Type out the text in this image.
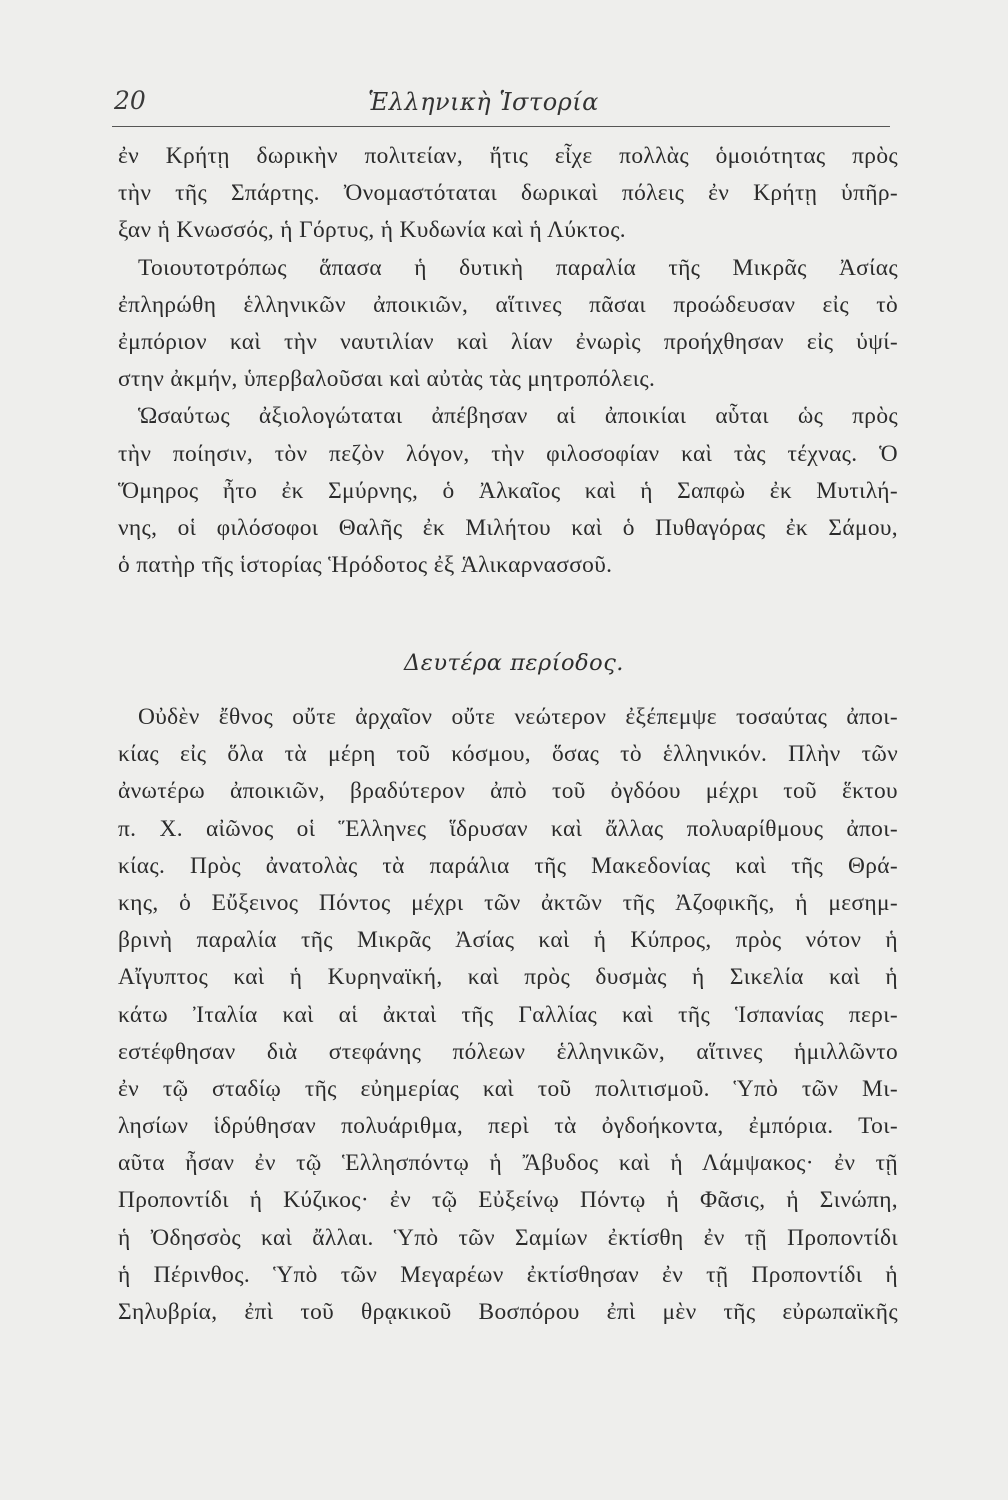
20	Ἑλληνικὴ Ἱστορία
ἐν Κρήτῃ δωρικὴν πολιτείαν, ἥτις εἶχε πολλὰς ὁμοιότητας πρὸς
τὴν τῆς Σπάρτης. Ὀνομαστόταται δωρικαὶ πόλεις ἐν Κρήτῃ ὑπῆρ-
ξαν ἡ Κνωσσός, ἡ Γόρτυς, ἡ Κυδωνία καὶ ἡ Λύκτος.
Τοιουτοτρόπως ἅπασα ἡ δυτικὴ παραλία τῆς Μικρᾶς Ἀσίας
ἐπληρώθη ἑλληνικῶν ἀποικιῶν, αἵτινες πᾶσαι προώδευσαν εἰς τὸ
ἐμπόριον καὶ τὴν ναυτιλίαν καὶ λίαν ἐνωρὶς προήχθησαν εἰς ὑψί-
στην ἀκμήν, ὑπερβαλοῦσαι καὶ αὐτὰς τὰς μητροπόλεις.
Ὡσαύτως ἀξιολογώταται ἀπέβησαν αἱ ἀποικίαι αὗται ὡς πρὸς
τὴν ποίησιν, τὸν πεζὸν λόγον, τὴν φιλοσοφίαν καὶ τὰς τέχνας. Ὁ
Ὅμηρος ἦτο ἐκ Σμύρνης, ὁ Ἀλκαῖος καὶ ἡ Σαπφὼ ἐκ Μυτιλή-
νης, οἱ φιλόσοφοι Θαλῆς ἐκ Μιλήτου καὶ ὁ Πυθαγόρας ἐκ Σάμου,
ὁ πατὴρ τῆς ἱστορίας Ἡρόδοτος ἐξ Ἁλικαρνασσοῦ.
Δευτέρα περίοδος.
Οὐδὲν ἔθνος οὔτε ἀρχαῖον οὔτε νεώτερον ἐξέπεμψε τοσαύτας ἀποι-
κίας εἰς ὅλα τὰ μέρη τοῦ κόσμου, ὅσας τὸ ἑλληνικόν. Πλὴν τῶν
ἀνωτέρω ἀποικιῶν, βραδύτερον ἀπὸ τοῦ ὀγδόου μέχρι τοῦ ἕκτου
π. Χ. αἰῶνος οἱ Ἕλληνες ἵδρυσαν καὶ ἄλλας πολυαρίθμους ἀποι-
κίας. Πρὸς ἀνατολὰς τὰ παράλια τῆς Μακεδονίας καὶ τῆς Θρά-
κης, ὁ Εὔξεινος Πόντος μέχρι τῶν ἀκτῶν τῆς Ἀζοφικῆς, ἡ μεσημ-
βρινὴ παραλία τῆς Μικρᾶς Ἀσίας καὶ ἡ Κύπρος, πρὸς νότον ἡ
Αἴγυπτος καὶ ἡ Κυρηναϊκή, καὶ πρὸς δυσμὰς ἡ Σικελία καὶ ἡ
κάτω Ἰταλία καὶ αἱ ἀκταὶ τῆς Γαλλίας καὶ τῆς Ἱσπανίας περι-
εστέφθησαν διὰ στεφάνης πόλεων ἑλληνικῶν, αἵτινες ἡμιλλῶντο
ἐν τῷ σταδίῳ τῆς εὐημερίας καὶ τοῦ πολιτισμοῦ. Ὑπὸ τῶν Μι-
λησίων ἱδρύθησαν πολυάριθμα, περὶ τὰ ὀγδοήκοντα, ἐμπόρια. Τοι-
αῦτα ἦσαν ἐν τῷ Ἑλλησπόντῳ ἡ Ἄβυδος καὶ ἡ Λάμψακος· ἐν τῇ
Προποντίδι ἡ Κύζικος· ἐν τῷ Εὐξείνῳ Πόντῳ ἡ Φᾶσις, ἡ Σινώπη,
ἡ Ὀδησσὸς καὶ ἄλλαι. Ὑπὸ τῶν Σαμίων ἐκτίσθη ἐν τῇ Προποντίδι
ἡ Πέρινθος. Ὑπὸ τῶν Μεγαρέων ἐκτίσθησαν ἐν τῇ Προποντίδι ἡ
Σηλυβρία, ἐπὶ τοῦ θρᾳκικοῦ Βοσπόρου ἐπὶ μὲν τῆς εὐρωπαϊκῆς
